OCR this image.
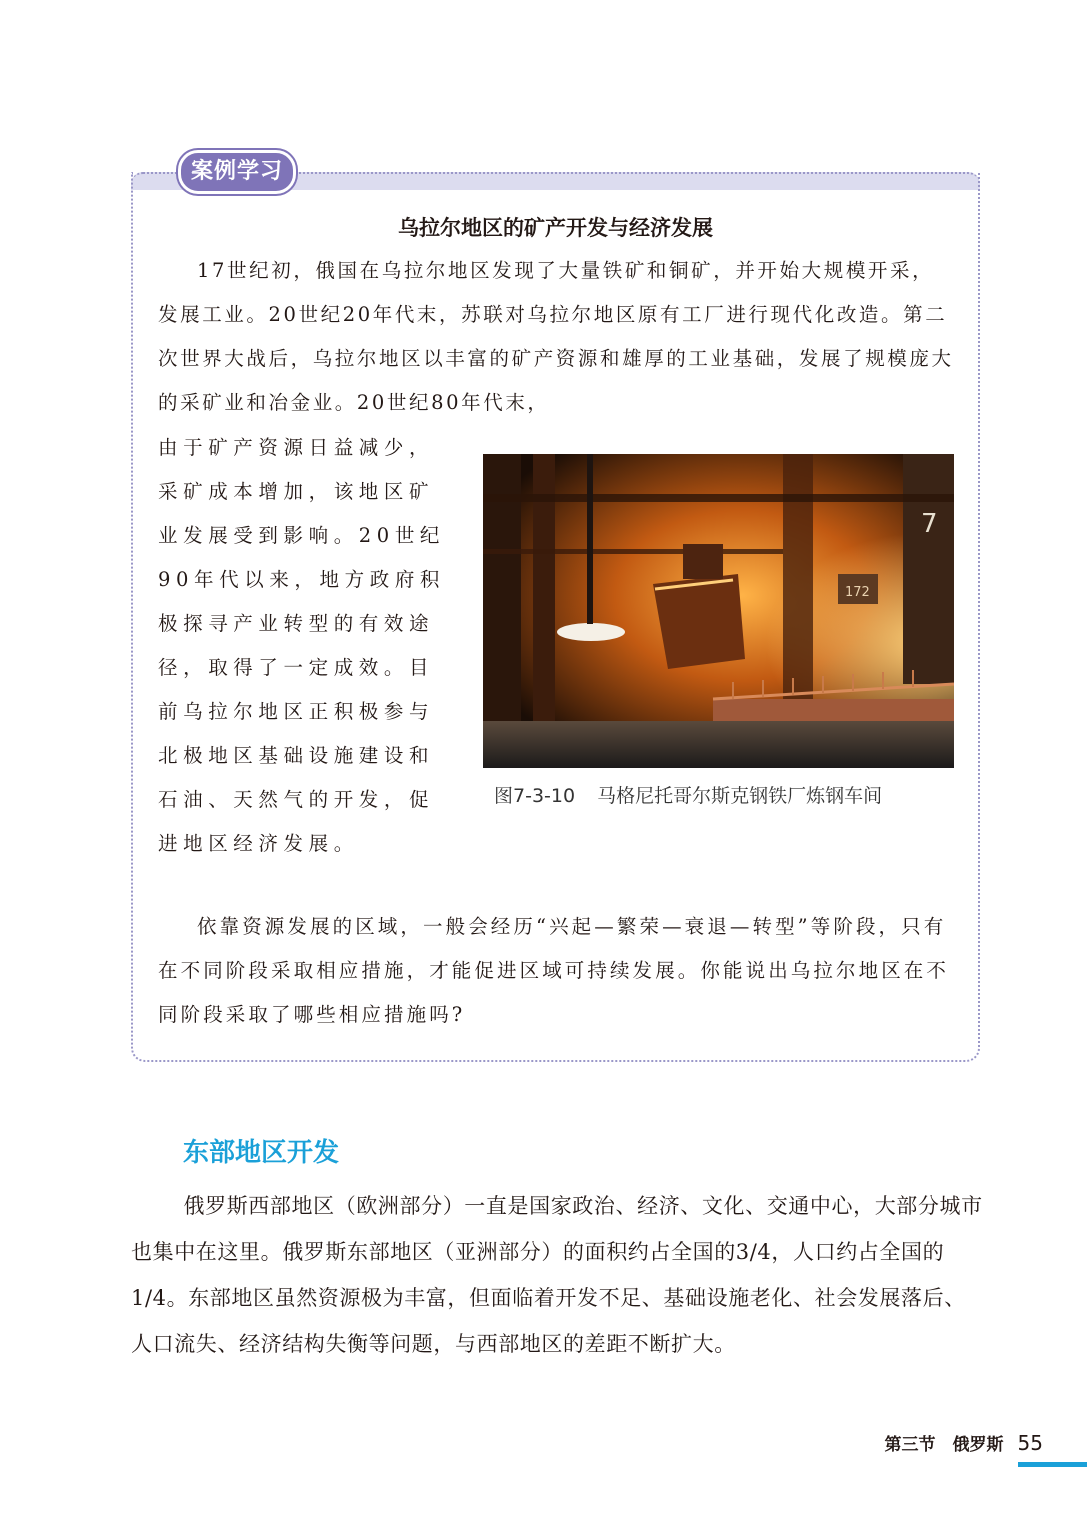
案例学习
乌拉尔地区的矿产开发与经济发展

17世纪初，俄国在乌拉尔地区发现了大量铁矿和铜矿，并开始大规模开采，发展工业。20世纪20年代末，苏联对乌拉尔地区原有工厂进行现代化改造。第二次世界大战后，乌拉尔地区以丰富的矿产资源和雄厚的工业基础，发展了规模庞大的采矿业和冶金业。20世纪80年代末，

由于矿产资源日益减少，采矿成本增加，该地区矿业发展受到影响。20世纪90年代以来，地方政府积极探寻产业转型的有效途径，取得了一定成效。目前乌拉尔地区正积极参与北极地区基础设施建设和石油、天然气的开发，促进地区经济发展。

172
7
图7-3-10 马格尼托哥尔斯克钢铁厂炼钢车间

依靠资源发展的区域，一般会经历“兴起—繁荣—衰退—转型”等阶段，只有在不同阶段采取相应措施，才能促进区域可持续发展。你能说出乌拉尔地区在不同阶段采取了哪些相应措施吗?

东部地区开发

俄罗斯西部地区（欧洲部分）一直是国家政治、经济、文化、交通中心，大部分城市也集中在这里。俄罗斯东部地区（亚洲部分）的面积约占全国的3/4，人口约占全国的1/4。东部地区虽然资源极为丰富，但面临着开发不足、基础设施老化、社会发展落后、人口流失、经济结构失衡等问题，与西部地区的差距不断扩大。

第三节　俄罗斯 55
